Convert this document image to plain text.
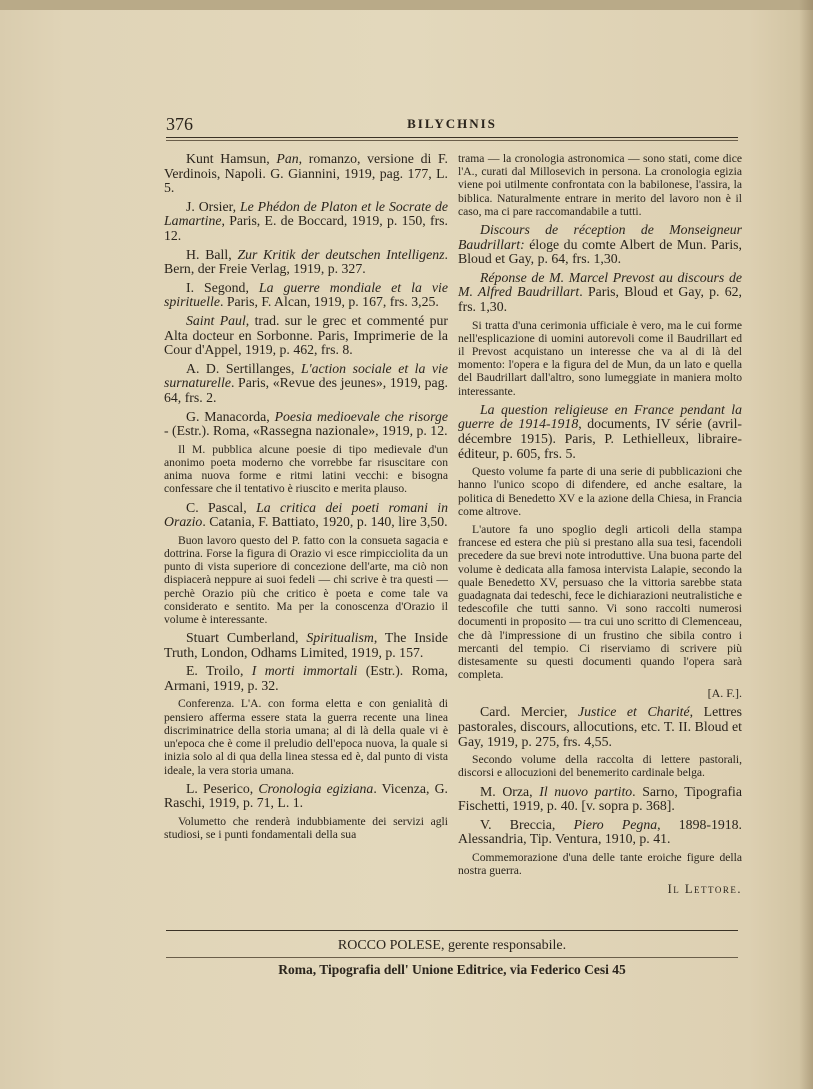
376	BILYCHNIS

Kunt Hamsun, Pan, romanzo, versione di F. Verdinois, Napoli. G. Giannini, 1919, pag. 177, L. 5.

J. Orsier, Le Phédon de Platon et le Socrate de Lamartine, Paris, E. de Boccard, 1919, p. 150, frs. 12.

H. Ball, Zur Kritik der deutschen Intelligenz. Bern, der Freie Verlag, 1919, p. 327.

I. Segond, La guerre mondiale et la vie spirituelle. Paris, F. Alcan, 1919, p. 167, frs. 3,25.

Saint Paul, trad. sur le grec et commenté pur Alta docteur en Sorbonne. Paris, Imprimerie de la Cour d'Appel, 1919, p. 462, frs. 8.

A. D. Sertillanges, L'action sociale et la vie surnaturelle. Paris, «Revue des jeunes», 1919, pag. 64, frs. 2.

G. Manacorda, Poesia medioevale che risorge - (Estr.). Roma, «Rassegna nazionale», 1919, p. 12.

Il M. pubblica alcune poesie di tipo medievale d'un anonimo poeta moderno che vorrebbe far risuscitare con anima nuova forme e ritmi latini vecchi: e bisogna confessare che il tentativo è riuscito e merita plauso.

C. Pascal, La critica dei poeti romani in Orazio. Catania, F. Battiato, 1920, p. 140, lire 3,50.

Buon lavoro questo del P. fatto con la consueta sagacia e dottrina. Forse la figura di Orazio vi esce rimpicciolita da un punto di vista superiore di concezione dell'arte, ma ciò non dispiacerà neppure ai suoi fedeli — chi scrive è tra questi — perchè Orazio più che critico è poeta e come tale va considerato e sentito. Ma per la conoscenza d'Orazio il volume è interessante.

Stuart Cumberland, Spiritualism, The Inside Truth, London, Odhams Limited, 1919, p. 157.

E. Troilo, I morti immortali (Estr.). Roma, Armani, 1919, p. 32.

Conferenza. L'A. con forma eletta e con genialità di pensiero afferma essere stata la guerra recente una linea discriminatrice della storia umana; al di là della quale vi è un'epoca che è come il preludio dell'epoca nuova, la quale si inizia solo al di qua della linea stessa ed è, dal punto di vista ideale, la vera storia umana.

L. Peserico, Cronologia egiziana. Vicenza, G. Raschi, 1919, p. 71, L. 1.

Volumetto che renderà indubbiamente dei servizi agli studiosi, se i punti fondamentali della sua

trama — la cronologia astronomica — sono stati, come dice l'A., curati dal Millosevich in persona. La cronologia egizia viene poi utilmente confrontata con la babilonese, l'assira, la biblica. Naturalmente entrare in merito del lavoro non è il caso, ma ci pare raccomandabile a tutti.

Discours de réception de Monseigneur Baudrillart: éloge du comte Albert de Mun. Paris, Bloud et Gay, p. 64, frs. 1,30.

Réponse de M. Marcel Prevost au discours de M. Alfred Baudrillart. Paris, Bloud et Gay, p. 62, frs. 1,30.

Si tratta d'una cerimonia ufficiale è vero, ma le cui forme nell'esplicazione di uomini autorevoli come il Baudrillart ed il Prevost acquistano un interesse che va al di là del momento: l'opera e la figura del de Mun, da un lato e quella del Baudrillart dall'altro, sono lumeggiate in maniera molto interessante.

La question religieuse en France pendant la guerre de 1914-1918, documents, IV série (avril-décembre 1915). Paris, P. Lethielleux, libraire-éditeur, p. 605, frs. 5.

Questo volume fa parte di una serie di pubblicazioni che hanno l'unico scopo di difendere, ed anche esaltare, la politica di Benedetto XV e la azione della Chiesa, in Francia come altrove.

L'autore fa uno spoglio degli articoli della stampa francese ed estera che più si prestano alla sua tesi, facendoli precedere da sue brevi note introduttive. Una buona parte del volume è dedicata alla famosa intervista Lalapie, secondo la quale Benedetto XV, persuaso che la vittoria sarebbe stata guadagnata dai tedeschi, fece le dichiarazioni neutralistiche e tedescofile che tutti sanno. Vi sono raccolti numerosi documenti in proposito — tra cui uno scritto di Clemenceau, che dà l'impressione di un frustino che sibila contro i mercanti del tempio. Ci riserviamo di scrivere più distesamente su questi documenti quando l'opera sarà completa.

[A. F.].

Card. Mercier, Justice et Charité, Lettres pastorales, discours, allocutions, etc. T. II. Bloud et Gay, 1919, p. 275, frs. 4,55.

Secondo volume della raccolta di lettere pastorali, discorsi e allocuzioni del benemerito cardinale belga.

M. Orza, Il nuovo partito. Sarno, Tipografia Fischetti, 1919, p. 40. [v. sopra p. 368].

V. Breccia, Piero Pegna, 1898-1918. Alessandria, Tip. Ventura, 1910, p. 41.

Commemorazione d'una delle tante eroiche figure della nostra guerra.

Il Lettore.

ROCCO POLESE, gerente responsabile.
Roma, Tipografia dell' Unione Editrice, via Federico Cesi 45
